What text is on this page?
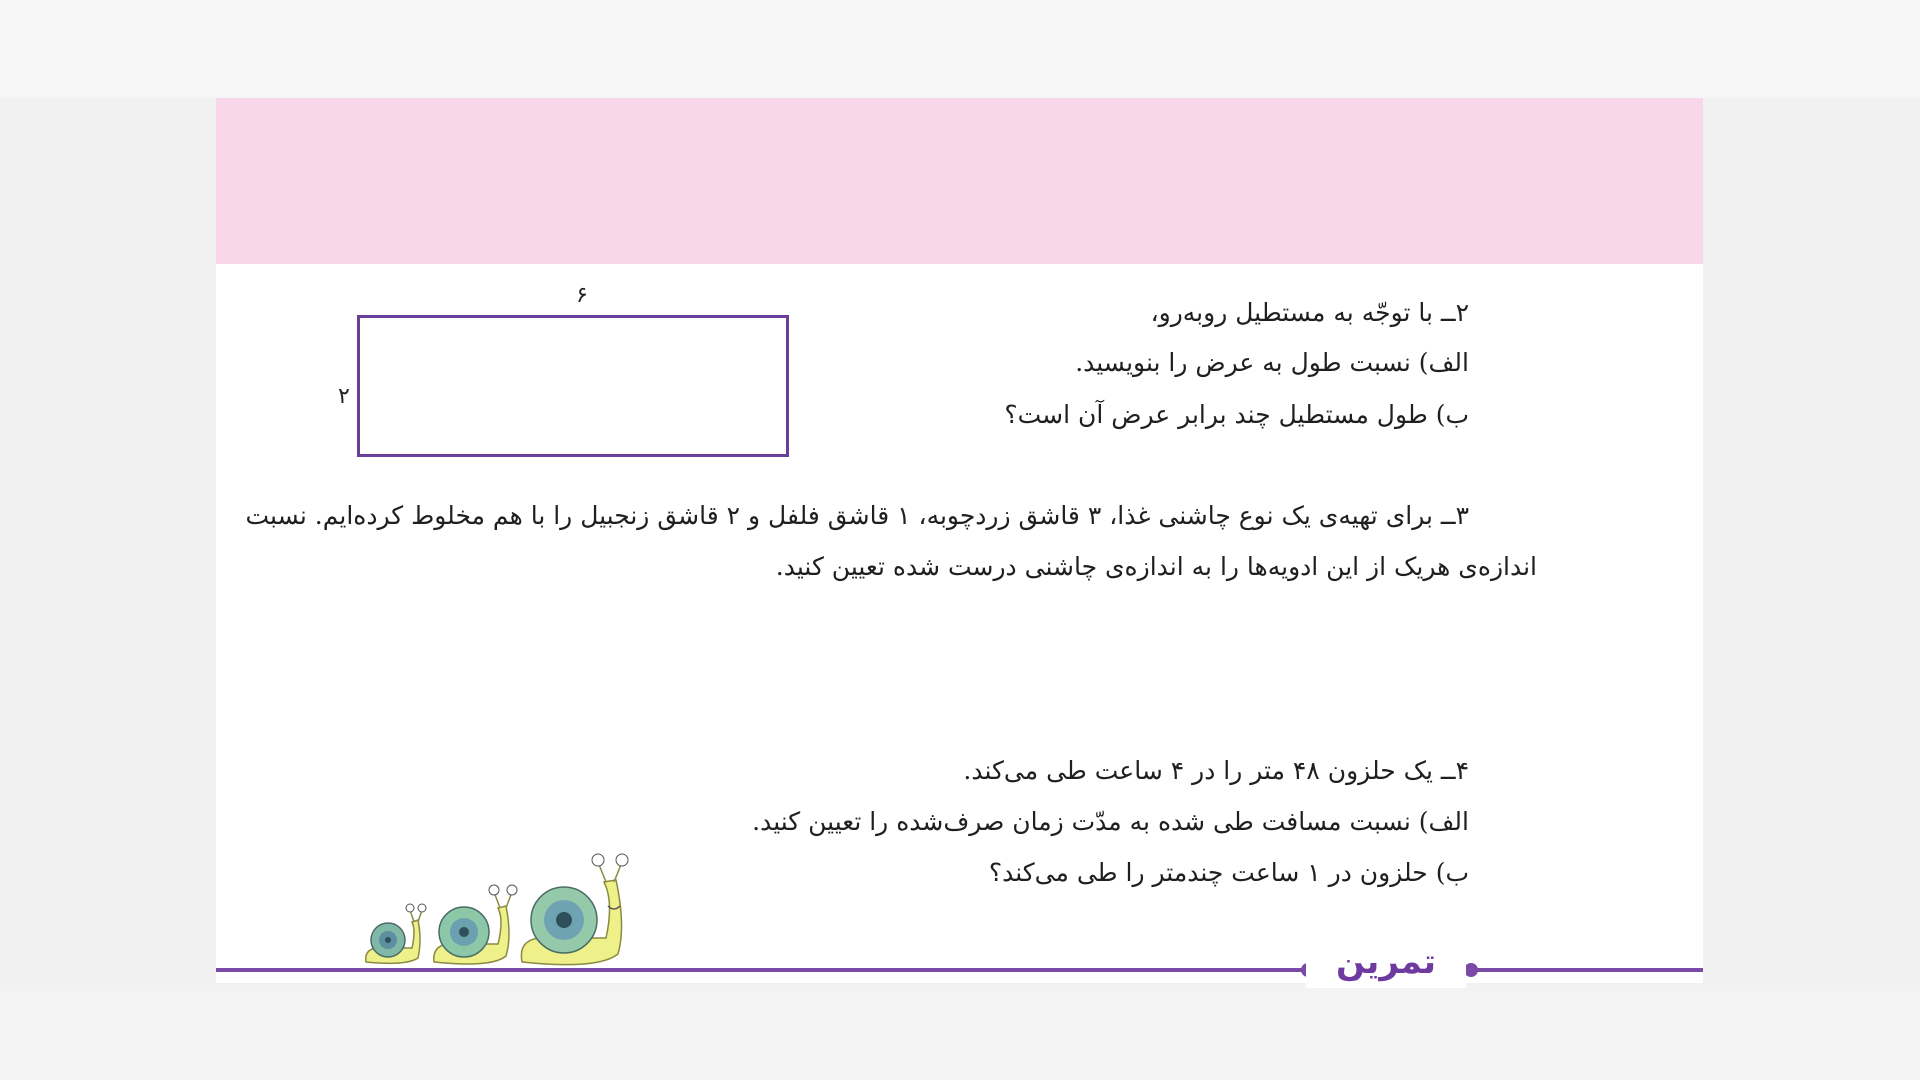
۲ــ با توجّه به مستطیل روبه‌رو،
الف) نسبت طول به عرض را بنویسید.
ب) طول مستطیل چند برابر عرض آن است؟
۶
۲
۳ــ برای تهیه‌ی یک نوع چاشنی غذا، ۳ قاشق زردچوبه، ۱ قاشق فلفل و ۲ قاشق زنجبیل را با هم مخلوط کرده‌ایم. نسبت
اندازه‌ی هریک از این ادویه‌ها را به اندازه‌ی چاشنی درست شده تعیین کنید.
۴ــ یک حلزون ۴۸ متر را در ۴ ساعت طی می‌کند.
الف) نسبت مسافت طی شده به مدّت زمان صرف‌شده را تعیین کنید.
ب) حلزون در ۱ ساعت چندمتر را طی می‌کند؟
تمرین
